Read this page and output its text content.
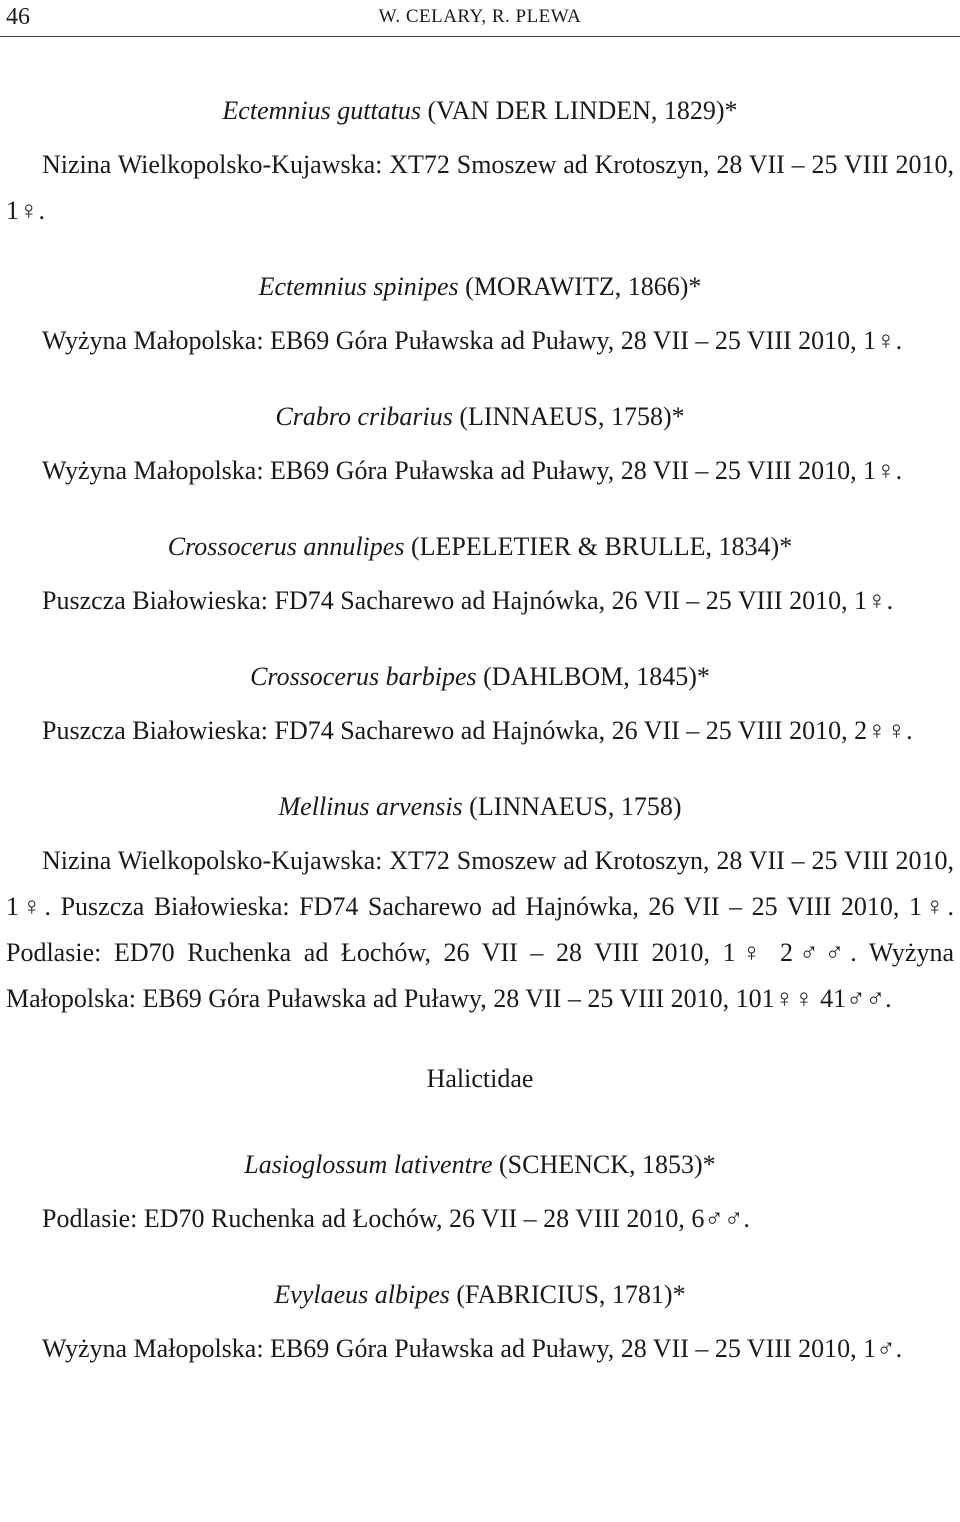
46	W. CELARY, R. PLEWA

Ectemnius guttatus (VAN DER LINDEN, 1829)*

Nizina Wielkopolsko-Kujawska: XT72 Smoszew ad Krotoszyn, 28 VII – 25 VIII 2010, 1♀.

Ectemnius spinipes (MORAWITZ, 1866)*

Wyżyna Małopolska: EB69 Góra Puławska ad Puławy, 28 VII – 25 VIII 2010, 1♀.

Crabro cribarius (LINNAEUS, 1758)*

Wyżyna Małopolska: EB69 Góra Puławska ad Puławy, 28 VII – 25 VIII 2010, 1♀.

Crossocerus annulipes (LEPELETIER & BRULLE, 1834)*

Puszcza Białowieska: FD74 Sacharewo ad Hajnówka, 26 VII – 25 VIII 2010, 1♀.

Crossocerus barbipes (DAHLBOM, 1845)*

Puszcza Białowieska: FD74 Sacharewo ad Hajnówka, 26 VII – 25 VIII 2010, 2♀♀.

Mellinus arvensis (LINNAEUS, 1758)

Nizina Wielkopolsko-Kujawska: XT72 Smoszew ad Krotoszyn, 28 VII – 25 VIII 2010, 1♀. Puszcza Białowieska: FD74 Sacharewo ad Hajnówka, 26 VII – 25 VIII 2010, 1♀. Podlasie: ED70 Ruchenka ad Łochów, 26 VII – 28 VIII 2010, 1♀ 2♂♂. Wyżyna Małopolska: EB69 Góra Puławska ad Puławy, 28 VII – 25 VIII 2010, 101♀♀ 41♂♂.

Halictidae

Lasioglossum lativentre (SCHENCK, 1853)*

Podlasie: ED70 Ruchenka ad Łochów, 26 VII – 28 VIII 2010, 6♂♂.

Evylaeus albipes (FABRICIUS, 1781)*

Wyżyna Małopolska: EB69 Góra Puławska ad Puławy, 28 VII – 25 VIII 2010, 1♂.
